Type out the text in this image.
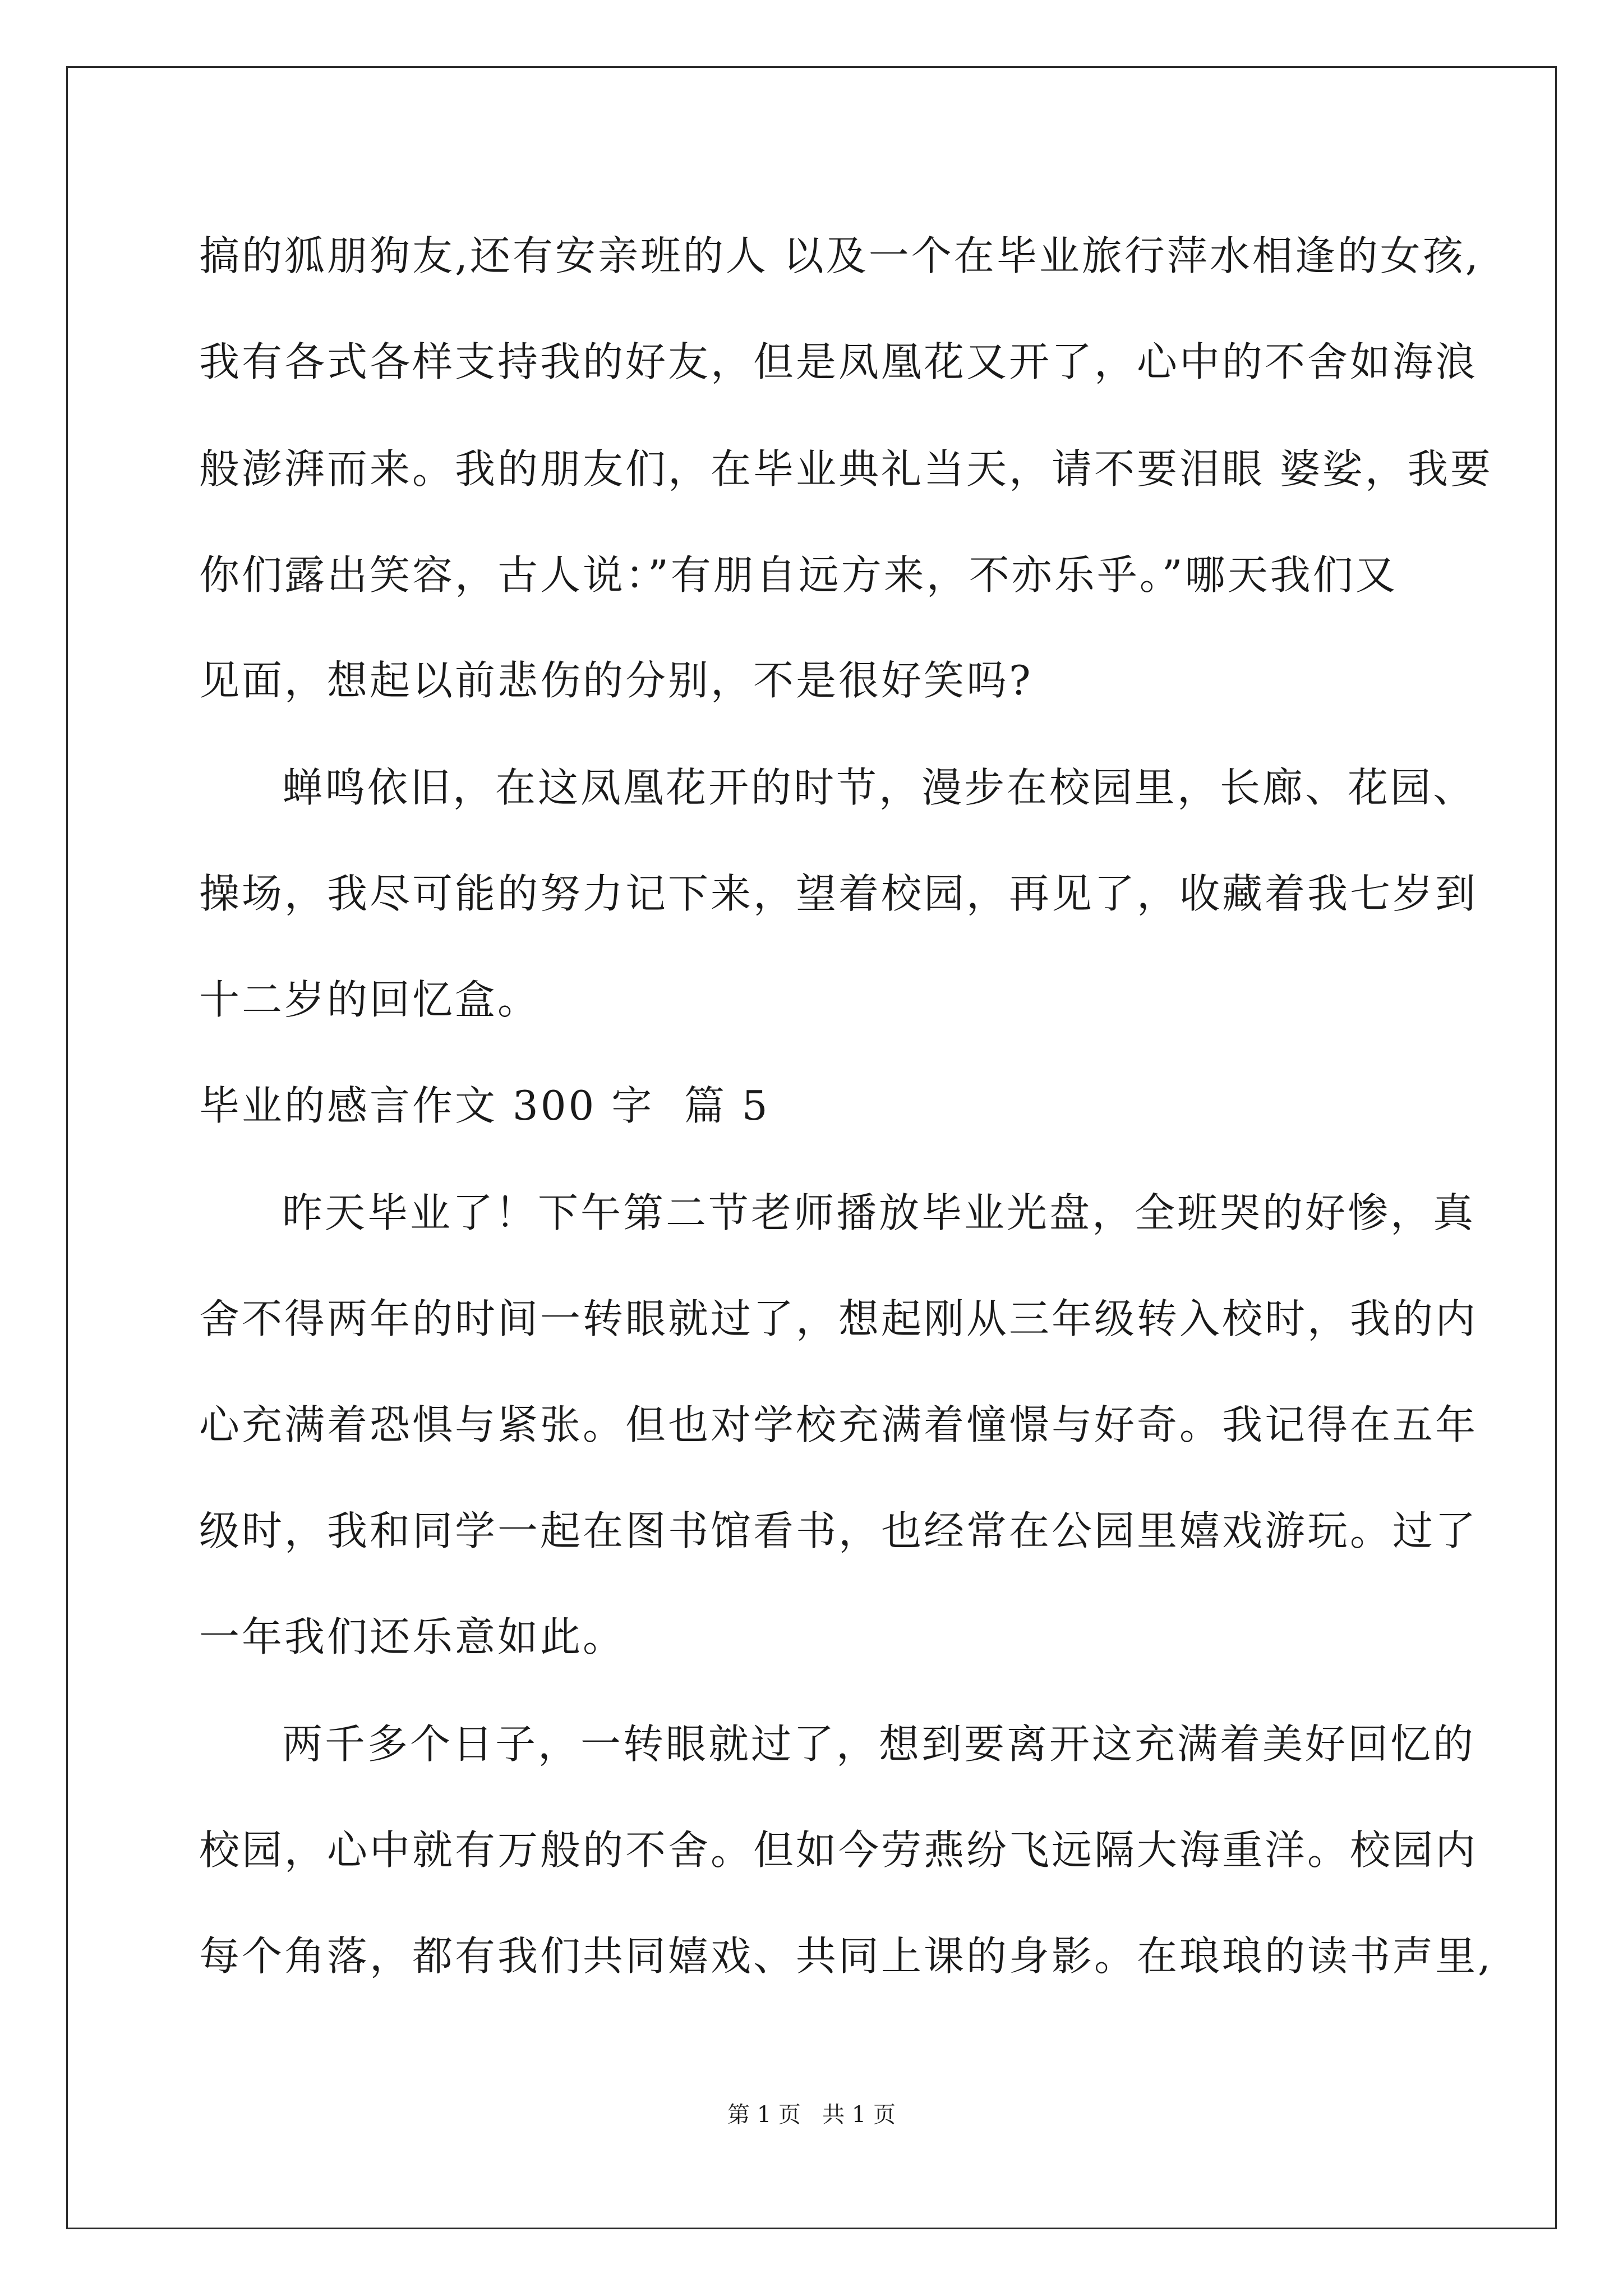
搞的狐朋狗友,还有安亲班的人 以及一个在毕业旅行萍水相逢的女孩,
我有各式各样支持我的好友，但是凤凰花又开了，心中的不舍如海浪
般澎湃而来。我的朋友们，在毕业典礼当天，请不要泪眼 婆娑，我要
你们露出笑容，古人说：”有朋自远方来，不亦乐乎。”哪天我们又
见面，想起以前悲伤的分别，不是很好笑吗?
蝉鸣依旧，在这凤凰花开的时节，漫步在校园里，长廊、花园、
操场，我尽可能的努力记下来，望着校园，再见了，收藏着我七岁到
十二岁的回忆盒。
毕业的感言作文 300 字  篇 5
昨天毕业了！下午第二节老师播放毕业光盘，全班哭的好惨，真
舍不得两年的时间一转眼就过了，想起刚从三年级转入校时，我的内
心充满着恐惧与紧张。但也对学校充满着憧憬与好奇。我记得在五年
级时，我和同学一起在图书馆看书，也经常在公园里嬉戏游玩。过了
一年我们还乐意如此。
两千多个日子，一转眼就过了，想到要离开这充满着美好回忆的
校园，心中就有万般的不舍。但如今劳燕纷飞远隔大海重洋。校园内
每个角落，都有我们共同嬉戏、共同上课的身影。在琅琅的读书声里,
第 1 页   共 1 页
